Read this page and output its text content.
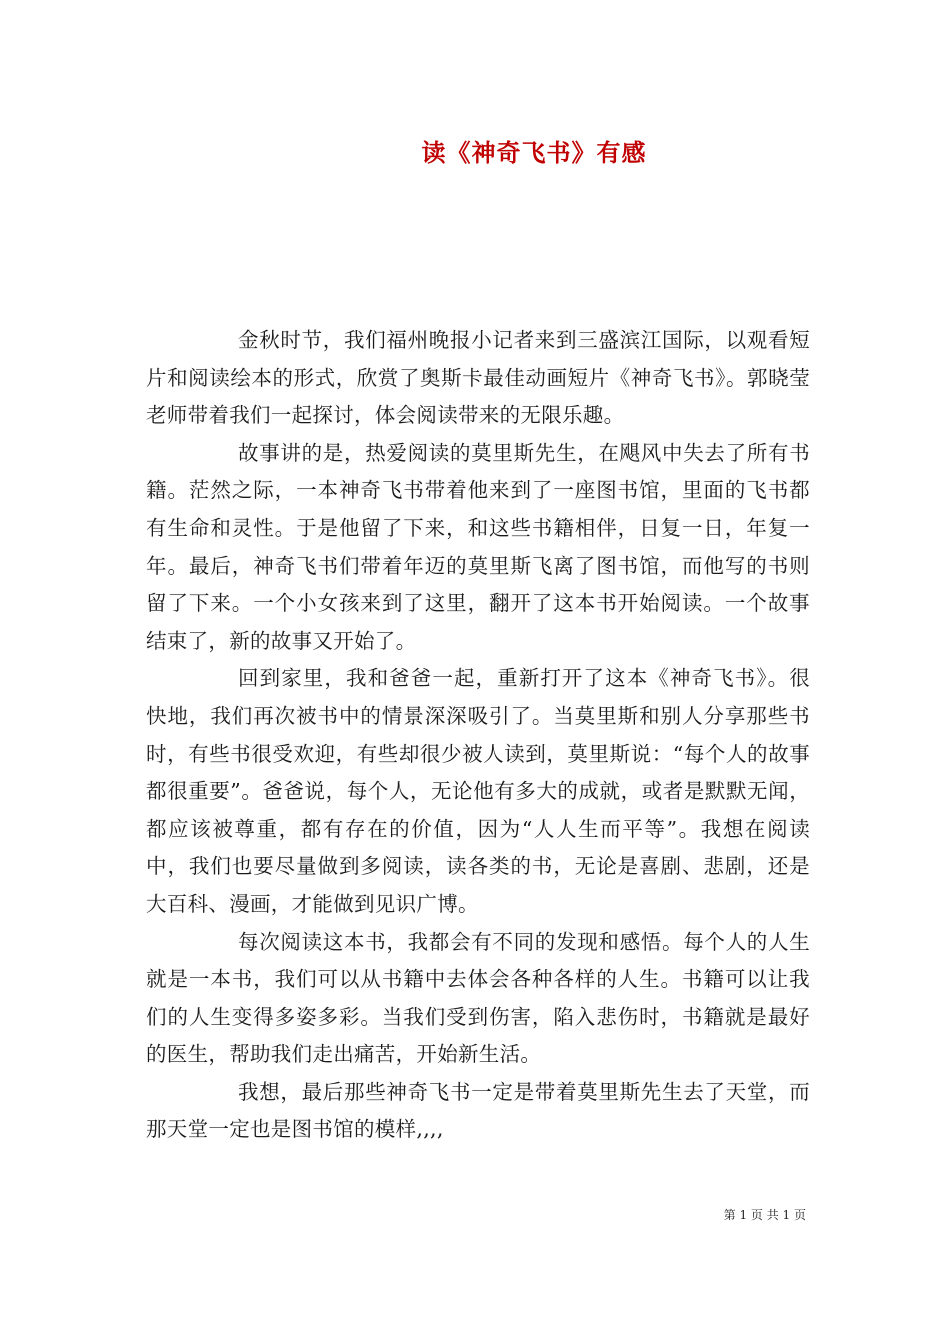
读《神奇飞书》有感

金秋时节，我们福州晚报小记者来到三盛滨江国际，以观看短片和阅读绘本的形式，欣赏了奥斯卡最佳动画短片《神奇飞书》。郭晓莹老师带着我们一起探讨，体会阅读带来的无限乐趣。

故事讲的是，热爱阅读的莫里斯先生，在飓风中失去了所有书籍。茫然之际，一本神奇飞书带着他来到了一座图书馆，里面的飞书都有生命和灵性。于是他留了下来，和这些书籍相伴，日复一日，年复一年。最后，神奇飞书们带着年迈的莫里斯飞离了图书馆，而他写的书则留了下来。一个小女孩来到了这里，翻开了这本书开始阅读。一个故事结束了，新的故事又开始了。

回到家里，我和爸爸一起，重新打开了这本《神奇飞书》。很快地，我们再次被书中的情景深深吸引了。当莫里斯和别人分享那些书时，有些书很受欢迎，有些却很少被人读到，莫里斯说：“每个人的故事都很重要”。爸爸说，每个人，无论他有多大的成就，或者是默默无闻，都应该被尊重，都有存在的价值，因为“人人生而平等”。我想在阅读中，我们也要尽量做到多阅读，读各类的书，无论是喜剧、悲剧，还是大百科、漫画，才能做到见识广博。

每次阅读这本书，我都会有不同的发现和感悟。每个人的人生就是一本书，我们可以从书籍中去体会各种各样的人生。书籍可以让我们的人生变得多姿多彩。当我们受到伤害，陷入悲伤时，书籍就是最好的医生，帮助我们走出痛苦，开始新生活。

我想，最后那些神奇飞书一定是带着莫里斯先生去了天堂，而那天堂一定也是图书馆的模样,,,,

第 1 页 共 1 页
